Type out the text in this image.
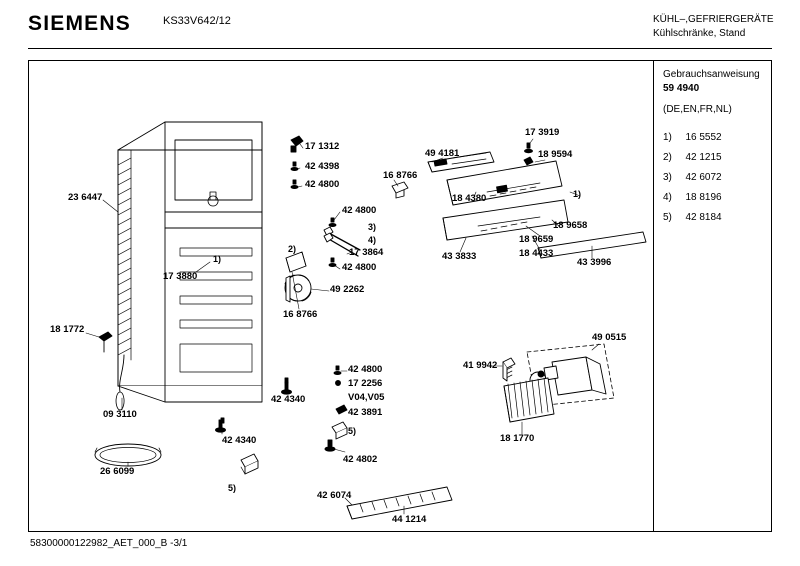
SIEMENS	KS33V642/12	KÜHL–,GEFRIERGERÄTE
Kühlschränke, Stand
Gebrauchsanweisung
59 4940
(DE,EN,FR,NL)
1) 16 5552
2) 42 1215
3) 42 6072
4) 18 8196
5) 42 8184
58300000122982_AET_000_B -3/1
23 6447
17 3880
18 1772
09 3110
26 6099
17 1312
42 4398
42 4800
16 8766
42 4800
17 3864
42 4800
49 2262
16 8766
42 4800
17 2256
V04,V05
42 3891
42 4340
42 4340
42 4802
42 6074
44 1214
49 4181
18 4380
17 3919
18 9594
18 9658
18 9659
18 4433
43 3833
43 3996
49 0515
41 9942
18 1770
1)
2)
3)
4)
5)
5)
1)
